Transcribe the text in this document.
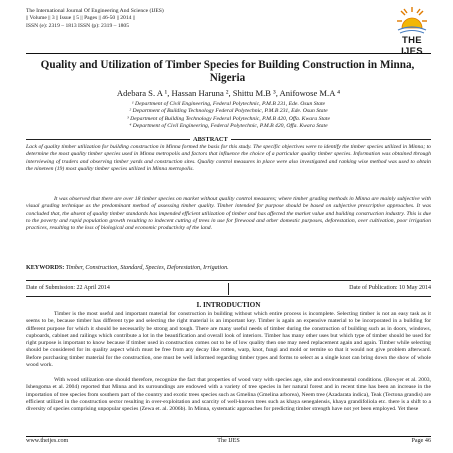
The International Journal Of Engineering And Science (IJES)
|| Volume || 3 || Issue || 5 || Pages || 46-50 || 2014 ||
ISSN (e): 2319 – 1813 ISSN (p): 2319 – 1805
THE IJES
Quality and Utilization of Timber Species for Building Construction in Minna, Nigeria
Adebara S. A ¹, Hassan Haruna ², Shittu M.B ³, Anifowose M.A ⁴
¹ Department of Civil Engineering, Federal Polytechnic, P.M.B 231, Ede. Osun State
² Department of Building Technology Federal Polytechnic, P.M.B 231, Ede. Osun State
³ Department of Building Technology Federal Polytechnic, P.M.B 420, Offa. Kwara State
⁴ Department of Civil Engineering, Federal Polytechnic, P.M.B 420, Offa. Kwara State
ABSTRACT
Lack of quality timber utilization for building construction in Minna formed the basis for this study. The specific objectives were to identify the timber species utilized in Minna; to determine the most quality timber species used in Minna metropolis and factors that influence the choice of a particular quality timber species. Information was obtained through interviewing of traders and observing timber yards and construction sites. Quality control measures in place were also investigated and ranking wise method was used to obtain the nineteen (19) most quality timber species utilized in Minna metropolis.
It was observed that there are over 18 timber species on market without quality control measures; where timber grading methods in Minna are mainly subjective with visual grading technique as the predominant method of assessing timber quality. Timber intended for purpose should be based on subjective prescriptive approaches. It was concluded that, the absent of quality timber standards has impended efficient utilization of timber and has affected the market value and building construction industry. This is due to the poverty and rapid population growth resulting to indecent cutting of trees in use for firewood and other domestic purposes, deforestation, over cultivation, poor irrigation practices, resulting to the loss of biological and economic productivity of the land.
KEYWORDS: Timber, Construction, Standard, Species, Deforestation, Irrigation.
Date of Submission: 22 April 2014	Date of Publication: 10 May 2014
I. INTRODUCTION
Timber is the most useful and important material for construction in building without which entire process is incomplete. Selecting timber is not an easy task as it seems to be, because timber has different type and selecting the right material is an important key. Timber is again an expensive material to be incorporated in a building for different purpose for which it should be necessarily be strong and tough. There are many useful needs of timber during the construction of building such as in doors, windows, cupboards, cabinet and railings which contribute a lot in the beautification and overall look of interiors. Timber has many other uses but which type of timber should be used for right purpose is important to know because if timber used in construction comes out to be of low quality then one may need replacement again and again. Timber while selecting should be considered for its quality aspect which must be free from any decay like rotten, warp, knot, fungi and mold or termite so that it would not give problem afterward. Before purchasing timber material for the construction, one must be well informed regarding timber types and forms to select as a single knot can bring down the show of whole wood work.
With wood utilization one should therefore, recognize the fact that properties of wood vary with species age, site and environmental conditions. (Bowyer et al. 2003, Ishengoma et al. 2004) reported that Minna and its surroundings are endowed with a variety of tree species in her natural forest and in recent time has been an increase in the importation of tree species from southern part of the country and exotic trees species such as Gmelina (Gmelina arborea), Neem tree (Azadarata indica), Teak (Tectona grandis) are efficient utilized in the construction sector resulting in over-exploitation and scarcity of well-known trees such as khaya senegalensis, khaya grandifoliola etc. there is a shift to a diversity of species comprising unpopular species (Zewa et. al. 2006b). In Minna, systematic approaches for predicting timber strength have not yet been employed. Yet these
www.theijes.com	The IJES	Page 46
